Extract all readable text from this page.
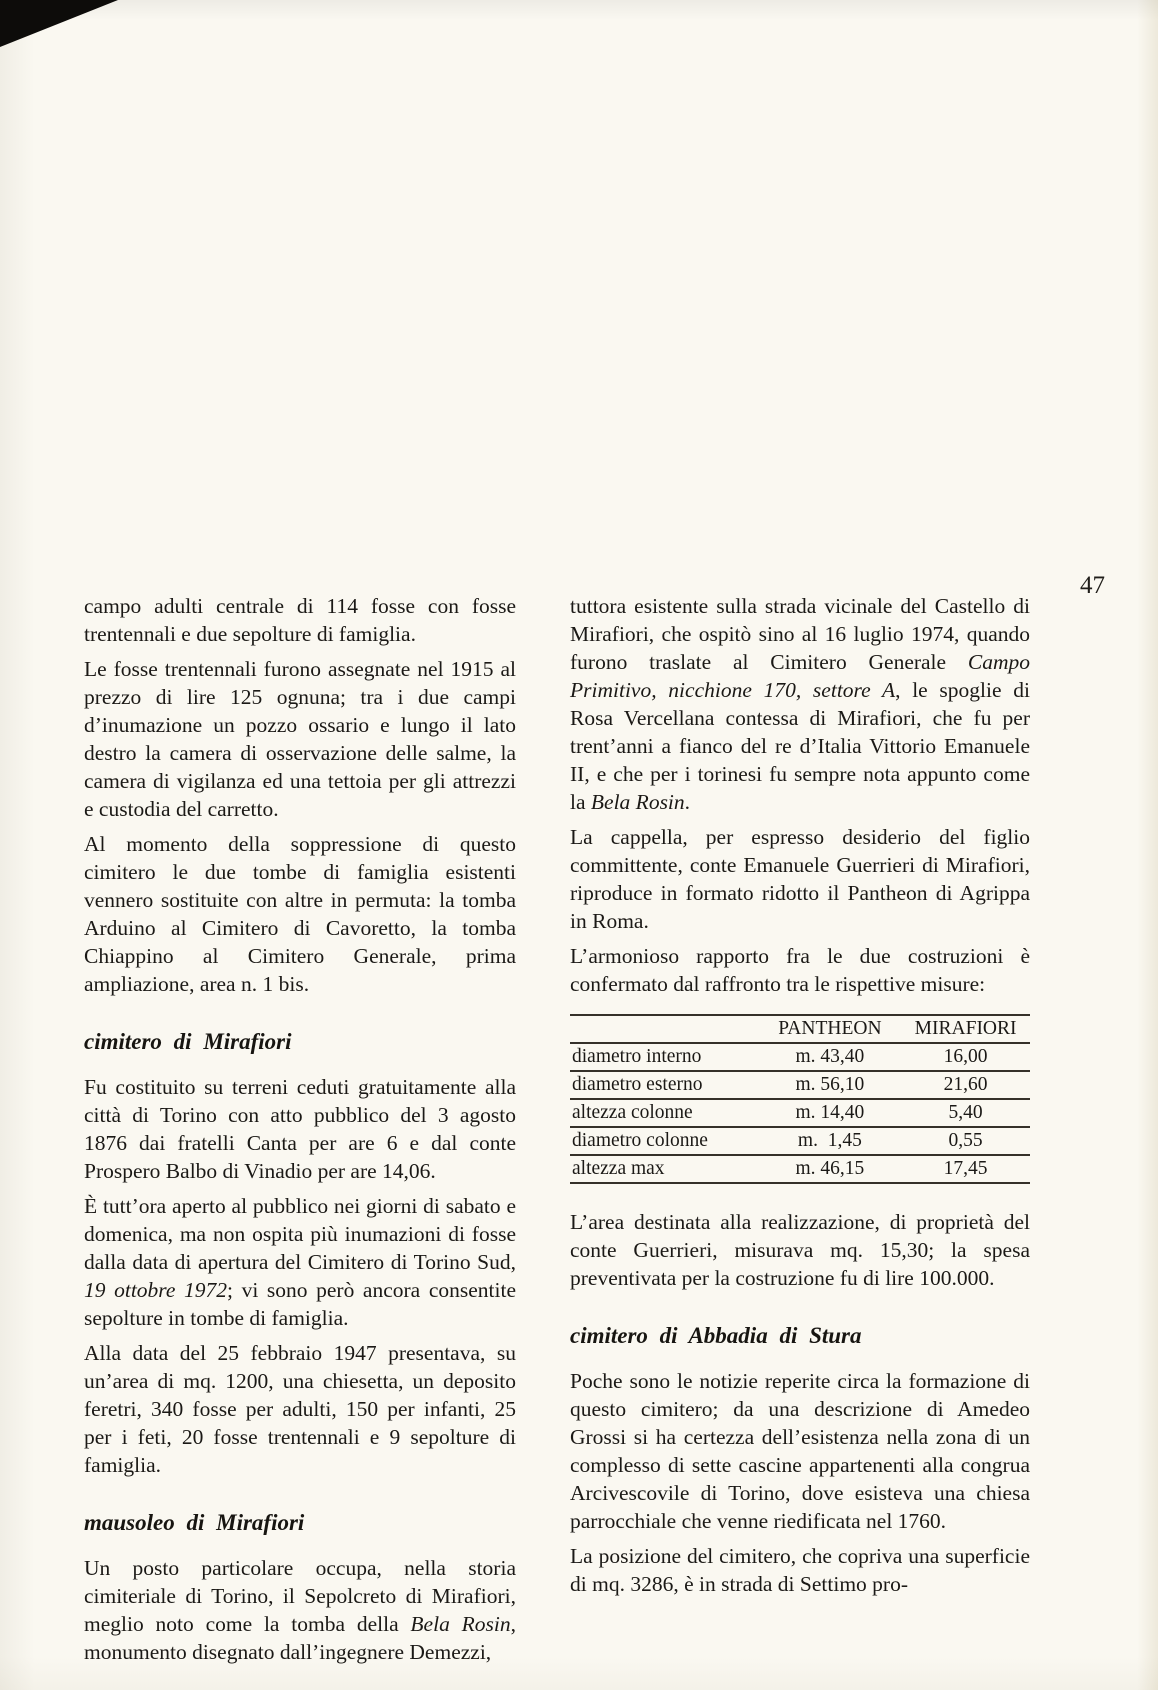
47

campo adulti centrale di 114 fosse con fosse trentennali e due sepolture di famiglia.

Le fosse trentennali furono assegnate nel 1915 al prezzo di lire 125 ognuna; tra i due campi d’inumazione un pozzo ossario e lungo il lato destro la camera di osservazione delle salme, la camera di vigilanza ed una tettoia per gli attrezzi e custodia del carretto.

Al momento della soppressione di questo cimitero le due tombe di famiglia esistenti vennero sostituite con altre in permuta: la tomba Arduino al Cimitero di Cavoretto, la tomba Chiappino al Cimitero Generale, prima ampliazione, area n. 1 bis.

cimitero di Mirafiori

Fu costituito su terreni ceduti gratuitamente alla città di Torino con atto pubblico del 3 agosto 1876 dai fratelli Canta per are 6 e dal conte Prospero Balbo di Vinadio per are 14,06.

È tutt’ora aperto al pubblico nei giorni di sabato e domenica, ma non ospita più inumazioni di fosse dalla data di apertura del Cimitero di Torino Sud, 19 ottobre 1972; vi sono però ancora consentite sepolture in tombe di famiglia.

Alla data del 25 febbraio 1947 presentava, su un’area di mq. 1200, una chiesetta, un deposito feretri, 340 fosse per adulti, 150 per infanti, 25 per i feti, 20 fosse trentennali e 9 sepolture di famiglia.

mausoleo di Mirafiori

Un posto particolare occupa, nella storia cimiteriale di Torino, il Sepolcreto di Mirafiori, meglio noto come la tomba della Bela Rosin, monumento disegnato dall’ingegnere Demezzi,

tuttora esistente sulla strada vicinale del Castello di Mirafiori, che ospitò sino al 16 luglio 1974, quando furono traslate al Cimitero Generale Campo Primitivo, nicchione 170, settore A, le spoglie di Rosa Vercellana contessa di Mirafiori, che fu per trent’anni a fianco del re d’Italia Vittorio Emanuele II, e che per i torinesi fu sempre nota appunto come la Bela Rosin.

La cappella, per espresso desiderio del figlio committente, conte Emanuele Guerrieri di Mirafiori, riproduce in formato ridotto il Pantheon di Agrippa in Roma.

L’armonioso rapporto fra le due costruzioni è confermato dal raffronto tra le rispettive misure:

	PANTHEON	MIRAFIORI
diametro interno	m. 43,40	16,00
diametro esterno	m. 56,10	21,60
altezza colonne	m. 14,40	5,40
diametro colonne	m.  1,45	0,55
altezza max	m. 46,15	17,45

L’area destinata alla realizzazione, di proprietà del conte Guerrieri, misurava mq. 15,30; la spesa preventivata per la costruzione fu di lire 100.000.

cimitero di Abbadia di Stura

Poche sono le notizie reperite circa la formazione di questo cimitero; da una descrizione di Amedeo Grossi si ha certezza dell’esistenza nella zona di un complesso di sette cascine appartenenti alla congrua Arcivescovile di Torino, dove esisteva una chiesa parrocchiale che venne riedificata nel 1760.

La posizione del cimitero, che copriva una superficie di mq. 3286, è in strada di Settimo pro-
